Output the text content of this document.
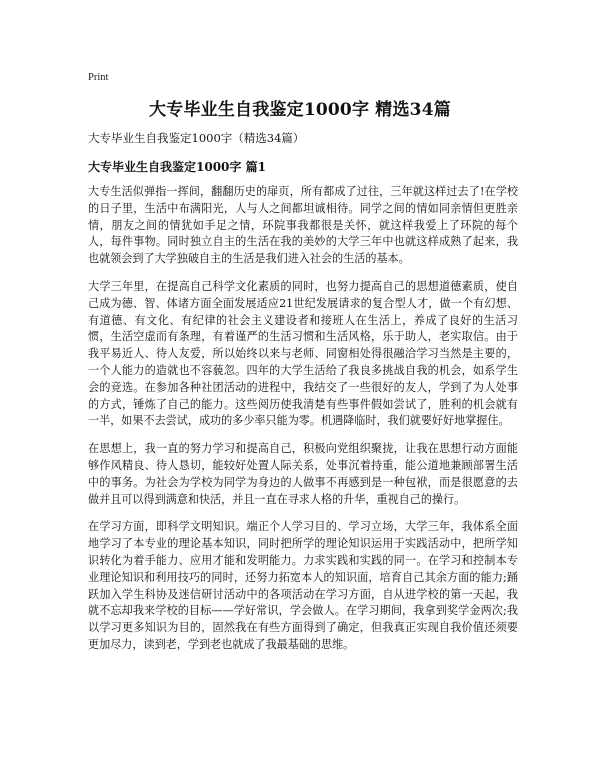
Print
大专毕业生自我鉴定1000字 精选34篇
大专毕业生自我鉴定1000字（精选34篇）
大专毕业生自我鉴定1000字 篇1

大专生活似弹指一挥间，翻翻历史的扉页，所有都成了过往，三年就这样过去了!在学校的日子里，生活中布满阳光，人与人之间都坦诚相待。同学之间的情如同亲情但更胜亲情，朋友之间的情犹如手足之情，环院事我都很是关怀，就这样我爱上了环院的每个人，每件事物。同时独立自主的生活在我的美妙的大学三年中也就这样成熟了起来，我也就领会到了大学独破自主的生活是我们进入社会的生活的基本。

大学三年里，在提高自己科学文化素质的同时，也努力提高自己的思想道德素质，使自己成为德、智、体诸方面全面发展适应21世纪发展请求的复合型人才，做一个有幻想、有道德、有文化、有纪律的社会主义建设者和接班人在生活上，养成了良好的生活习惯，生活空虚而有条理，有着谨严的生活习惯和生活风格，乐于助人，老实取信。由于我平易近人、待人友爱，所以始终以来与老师、同窗相处得很融洽学习当然是主要的，一个人能力的造就也不容藐忽。四年的大学生活给了我良多挑战自我的机会，如系学生会的竞选。在参加各种社团活动的进程中，我结交了一些很好的友人，学到了为人处事的方式，锤炼了自己的能力。这些阅历使我清楚有些事件假如尝试了，胜利的机会就有一半，如果不去尝试，成功的多少率只能为零。机遇降临时，我们就要好好地掌握住。

在思想上，我一直的努力学习和提高自己，积极向党组织聚拢，让我在思想行动方面能够作风精良、待人恳切，能较好处置人际关系，处事沉着持重，能公道地兼顾部署生活中的事务。为社会为学校为同学为身边的人做事不再感到是一种包袱，而是很愿意的去做并且可以得到满意和快活，并且一直在寻求人格的升华，重视自己的操行。

在学习方面，即科学文明知识。端正个人学习目的、学习立场，大学三年，我体系全面地学习了本专业的理论基本知识，同时把所学的理论知识运用于实践活动中，把所学知识转化为着手能力、应用才能和发明能力。力求实践和实践的同一。在学习和控制本专业理论知识和利用技巧的同时，还努力拓宽本人的知识面，培育自己其余方面的能力;踊跃加入学生科协及迷信研讨活动中的各项活动在学习方面，自从进学校的第一天起，我就不忘却我来学校的目标——学好常识，学会做人。在学习期间，我拿到奖学金两次;我以学习更多知识为目的，固然我在有些方面得到了确定，但我真正实现自我价值还须要更加尽力，读到老，学到老也就成了我最基础的思维。
